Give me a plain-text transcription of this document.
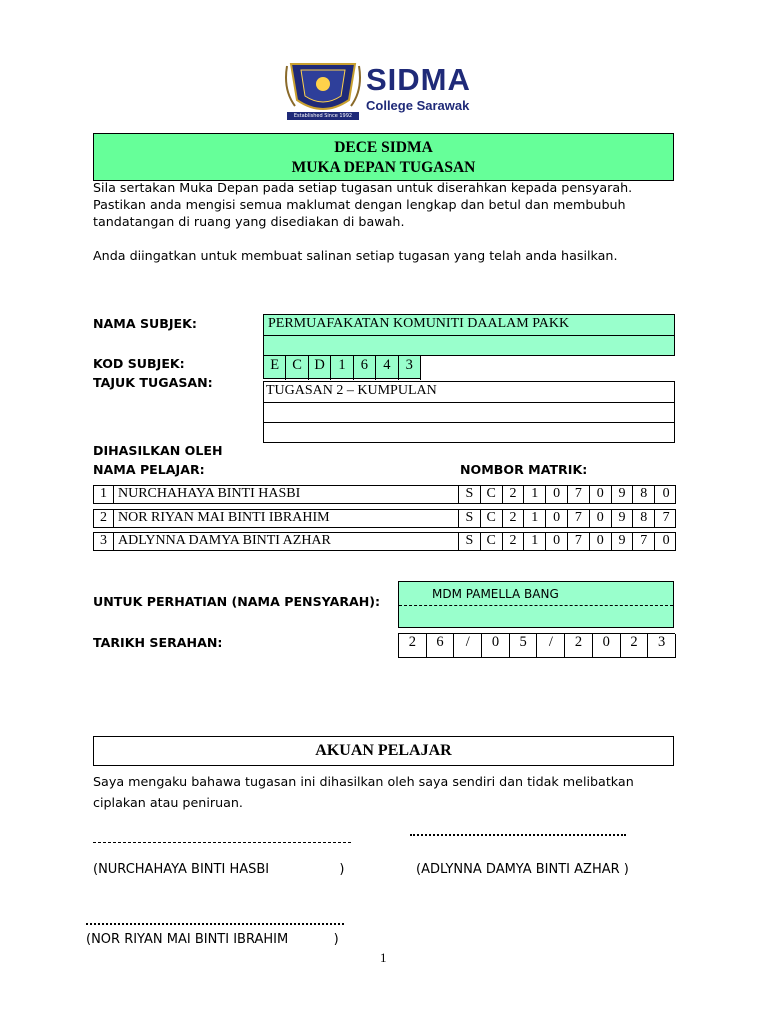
Established Since 1992
SIDMA
College Sarawak
DECE SIDMA
MUKA DEPAN TUGASAN
Sila sertakan Muka Depan pada setiap tugasan untuk diserahkan kepada pensyarah.
Pastikan anda mengisi semua maklumat dengan lengkap dan betul dan membubuh
tandatangan di ruang yang disediakan di bawah.
Anda diingatkan untuk membuat salinan setiap tugasan yang telah anda hasilkan.
NAMA SUBJEK:	PERMUAFAKATAN KOMUNITI DAALAM PAKK
KOD SUBJEK:	E C D 1	6	4	3
TAJUK TUGASAN:
TUGASAN 2 – KUMPULAN
DIHASILKAN OLEH
NAMA PELAJAR:	NOMBOR MATRIK:
1 NURCHAHAYA BINTI HASBI	S C 2	1	0	7	0	9	8	0
2 NOR RIYAN MAI BINTI IBRAHIM	S C 2	1	0	7	0	9	8	7
3 ADLYNNA DAMYA BINTI AZHAR	S C 2	1	0	7	0	9	7	0
UNTUK PERHATIAN (NAMA PENSYARAH):	MDM PAMELLA BANG
TARIKH SERAHAN:	2	6	/	0	5	/	2	0	2	3
AKUAN PELAJAR
Saya mengaku bahawa tugasan ini dihasilkan oleh saya sendiri dan tidak melibatkan
ciplakan atau peniruan.
(NURCHAHAYA BINTI HASBI                 )	(ADLYNNA DAMYA BINTI AZHAR )
(NOR RIYAN MAI BINTI IBRAHIM           )
1
